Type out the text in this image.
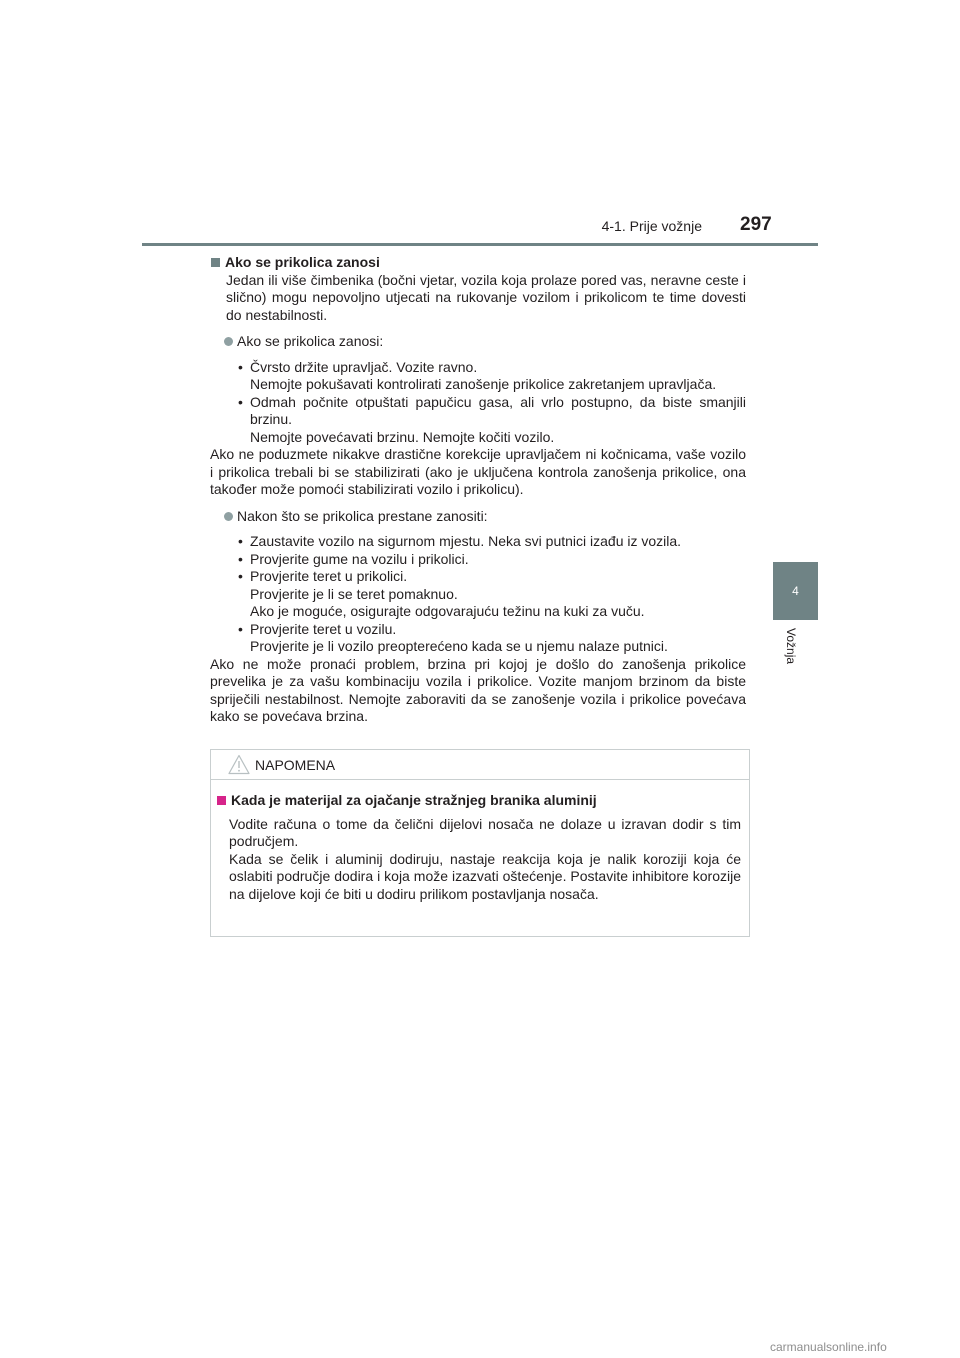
4-1. Prije vožnje 297
4
Vožnja
Ako se prikolica zanosi

Jedan ili više čimbenika (bočni vjetar, vozila koja prolaze pored vas, neravne ceste i slično) mogu nepovoljno utjecati na rukovanje vozilom i prikolicom te time dovesti do nestabilnosti.

Ako se prikolica zanosi:
• Čvrsto držite upravljač. Vozite ravno.
Nemojte pokušavati kontrolirati zanošenje prikolice zakretanjem upravljača.
• Odmah počnite otpuštati papučicu gasa, ali vrlo postupno, da biste smanjili brzinu.
Nemojte povećavati brzinu. Nemojte kočiti vozilo.

Ako ne poduzmete nikakve drastične korekcije upravljačem ni kočnicama, vaše vozilo i prikolica trebali bi se stabilizirati (ako je uključena kontrola zanošenja prikolice, ona također može pomoći stabilizirati vozilo i prikolicu).

Nakon što se prikolica prestane zanositi:
• Zaustavite vozilo na sigurnom mjestu. Neka svi putnici izađu iz vozila.
• Provjerite gume na vozilu i prikolici.
• Provjerite teret u prikolici.
Provjerite je li se teret pomaknuo.
Ako je moguće, osigurajte odgovarajuću težinu na kuki za vuču.
• Provjerite teret u vozilu.
Provjerite je li vozilo preopterećeno kada se u njemu nalaze putnici.

Ako ne može pronaći problem, brzina pri kojoj je došlo do zanošenja prikolice prevelika je za vašu kombinaciju vozila i prikolice. Vozite manjom brzinom da biste spriječili nestabilnost. Nemojte zaboraviti da se zanošenje vozila i prikolice povećava kako se povećava brzina.

NAPOMENA
Kada je materijal za ojačanje stražnjeg branika aluminij
Vodite računa o tome da čelični dijelovi nosača ne dolaze u izravan dodir s tim područjem.
Kada se čelik i aluminij dodiruju, nastaje reakcija koja je nalik koroziji koja će oslabiti područje dodira i koja može izazvati oštećenje. Postavite inhibitore korozije na dijelove koji će biti u dodiru prilikom postavljanja nosača.
carmanualsonline.info
